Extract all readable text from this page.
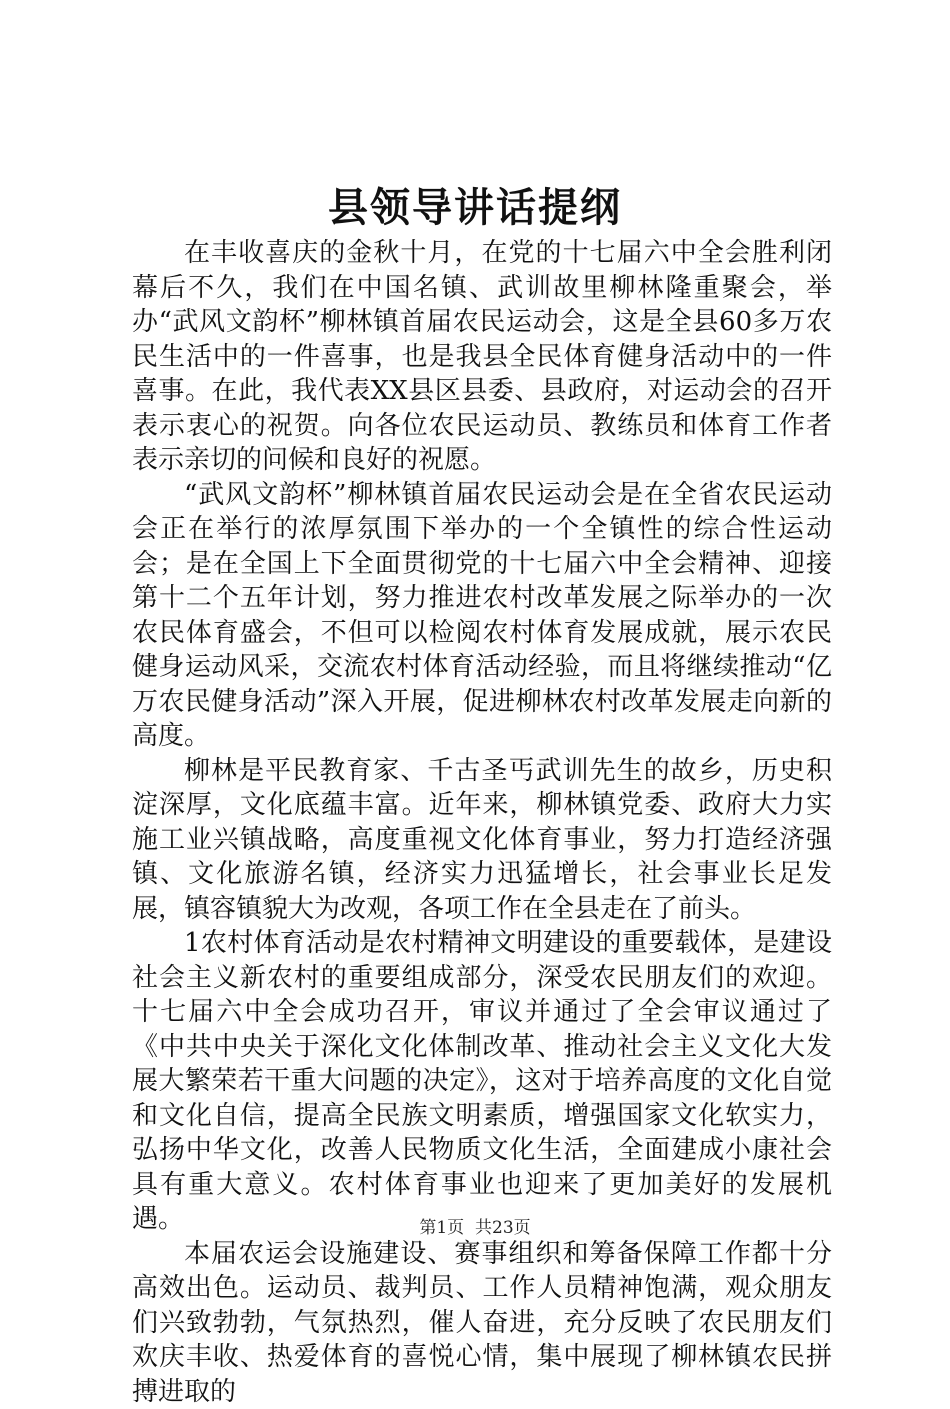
县领导讲话提纲

在丰收喜庆的金秋十月，在党的十七届六中全会胜利闭幕后不久，我们在中国名镇、武训故里柳林隆重聚会，举办“武风文韵杯”柳林镇首届农民运动会，这是全县60多万农民生活中的一件喜事，也是我县全民体育健身活动中的一件喜事。在此，我代表XX县区县委、县政府，对运动会的召开表示衷心的祝贺。向各位农民运动员、教练员和体育工作者表示亲切的问候和良好的祝愿。

“武风文韵杯”柳林镇首届农民运动会是在全省农民运动会正在举行的浓厚氛围下举办的一个全镇性的综合性运动会；是在全国上下全面贯彻党的十七届六中全会精神、迎接第十二个五年计划，努力推进农村改革发展之际举办的一次农民体育盛会，不但可以检阅农村体育发展成就，展示农民健身运动风采，交流农村体育活动经验，而且将继续推动“亿万农民健身活动”深入开展，促进柳林农村改革发展走向新的高度。

柳林是平民教育家、千古圣丐武训先生的故乡，历史积淀深厚，文化底蕴丰富。近年来，柳林镇党委、政府大力实施工业兴镇战略，高度重视文化体育事业，努力打造经济强镇、文化旅游名镇，经济实力迅猛增长，社会事业长足发展，镇容镇貌大为改观，各项工作在全县走在了前头。

1农村体育活动是农村精神文明建设的重要载体，是建设社会主义新农村的重要组成部分，深受农民朋友们的欢迎。十七届六中全会成功召开，审议并通过了全会审议通过了《中共中央关于深化文化体制改革、推动社会主义文化大发展大繁荣若干重大问题的决定》，这对于培养高度的文化自觉和文化自信，提高全民族文明素质，增强国家文化软实力，弘扬中华文化，改善人民物质文化生活，全面建成小康社会具有重大意义。农村体育事业也迎来了更加美好的发展机遇。

本届农运会设施建设、赛事组织和筹备保障工作都十分高效出色。运动员、裁判员、工作人员精神饱满，观众朋友们兴致勃勃，气氛热烈，催人奋进，充分反映了农民朋友们欢庆丰收、热爱体育的喜悦心情，集中展现了柳林镇农民拼搏进取的

第1页 共23页
